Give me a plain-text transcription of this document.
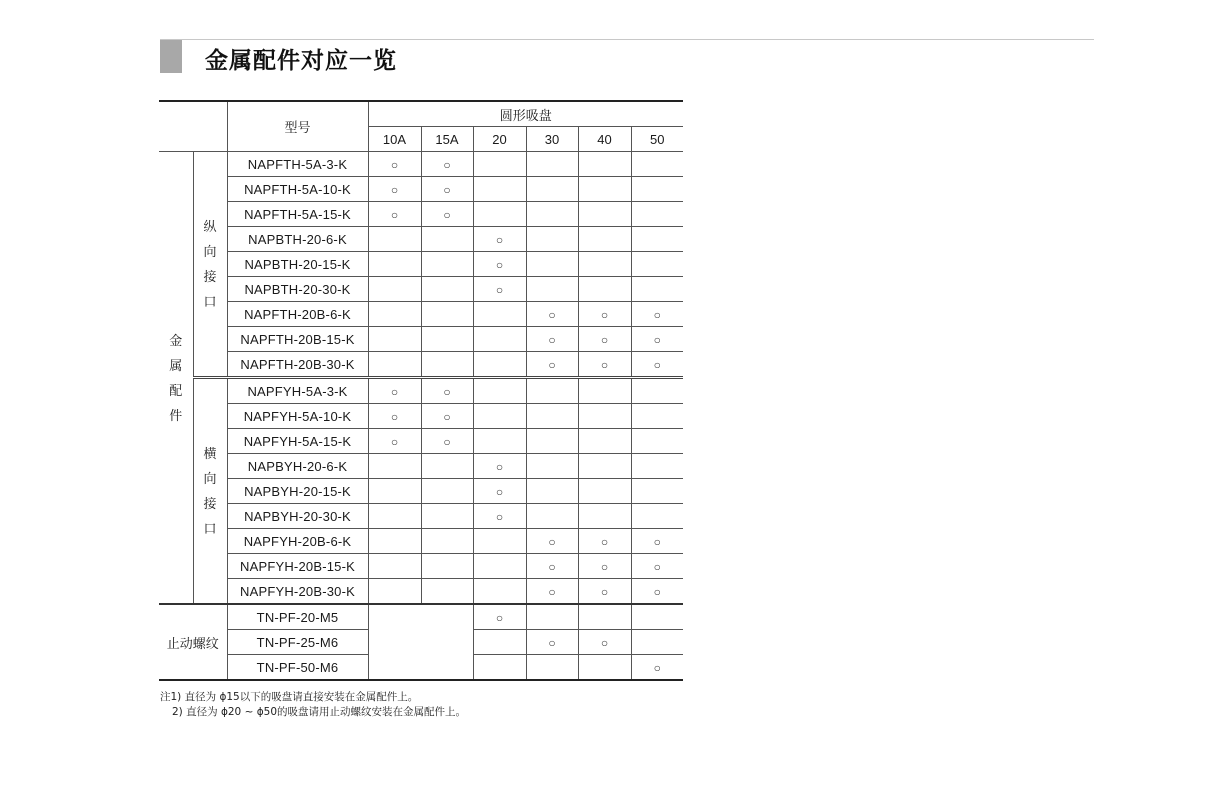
金属配件对应一览
		型号	圆形吸盘					
			10A	15A	20	30	40	50
金属配件	纵向接口	NAPFTH-5A-3-K	○	○				
		NAPFTH-5A-10-K	○	○				
		NAPFTH-5A-15-K	○	○				
		NAPBTH-20-6-K			○			
		NAPBTH-20-15-K			○			
		NAPBTH-20-30-K			○			
		NAPFTH-20B-6-K				○	○	○
		NAPFTH-20B-15-K				○	○	○
		NAPFTH-20B-30-K				○	○	○
	横向接口	NAPFYH-5A-3-K	○	○				
		NAPFYH-5A-10-K	○	○				
		NAPFYH-5A-15-K	○	○				
		NAPBYH-20-6-K			○			
		NAPBYH-20-15-K			○			
		NAPBYH-20-30-K			○			
		NAPFYH-20B-6-K				○	○	○
		NAPFYH-20B-15-K				○	○	○
		NAPFYH-20B-30-K				○	○	○
止动螺纹		TN-PF-20-M5			○			
		TN-PF-25-M6				○	○	
		TN-PF-50-M6						○
注1) 直径为 ϕ15以下的吸盘请直接安装在金属配件上。
2) 直径为 ϕ20 ~ ϕ50的吸盘请用止动螺纹安装在金属配件上。
